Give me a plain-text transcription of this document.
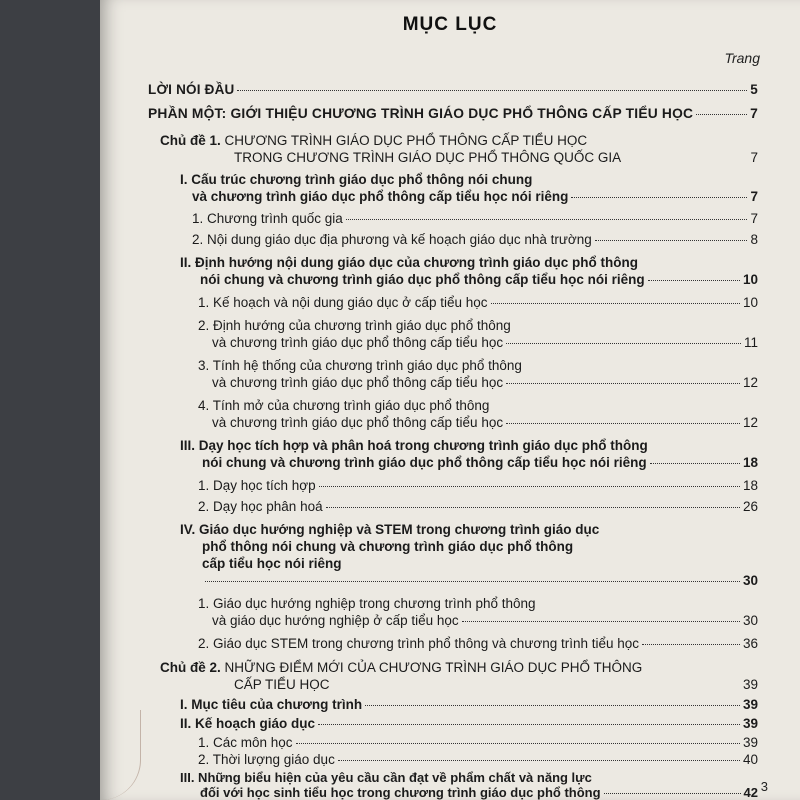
MỤC LỤC
Trang
LỜI NÓI ĐẦU	5
PHẦN MỘT: GIỚI THIỆU CHƯƠNG TRÌNH GIÁO DỤC PHỔ THÔNG CẤP TIỂU HỌC	7
Chủ đề 1. CHƯƠNG TRÌNH GIÁO DỤC PHỔ THÔNG CẤP TIỂU HỌC
TRONG CHƯƠNG TRÌNH GIÁO DỤC PHỔ THÔNG QUỐC GIA	7
I. Cấu trúc chương trình giáo dục phổ thông nói chung
và chương trình giáo dục phổ thông cấp tiểu học nói riêng	7
1. Chương trình quốc gia	7
2. Nội dung giáo dục địa phương và kế hoạch giáo dục nhà trường	8
II. Định hướng nội dung giáo dục của chương trình giáo dục phổ thông
nói chung và chương trình giáo dục phổ thông cấp tiểu học nói riêng	10
1. Kế hoạch và nội dung giáo dục ở cấp tiểu học	10
2. Định hướng của chương trình giáo dục phổ thông
và chương trình giáo dục phổ thông cấp tiểu học	11
3. Tính hệ thống của chương trình giáo dục phổ thông
và chương trình giáo dục phổ thông cấp tiểu học	12
4. Tính mở của chương trình giáo dục phổ thông
và chương trình giáo dục phổ thông cấp tiểu học	12
III. Dạy học tích hợp và phân hoá trong chương trình giáo dục phổ thông
nói chung và chương trình giáo dục phổ thông cấp tiểu học nói riêng	18
1. Dạy học tích hợp	18
2. Dạy học phân hoá	26
IV. Giáo dục hướng nghiệp và STEM trong chương trình giáo dục
phổ thông nói chung và chương trình giáo dục phổ thông
cấp tiểu học nói riêng
30
1. Giáo dục hướng nghiệp trong chương trình phổ thông
và giáo dục hướng nghiệp ở cấp tiểu học	30
2. Giáo dục STEM trong chương trình phổ thông và chương trình tiểu học	36
Chủ đề 2. NHỮNG ĐIỂM MỚI CỦA CHƯƠNG TRÌNH GIÁO DỤC PHỔ THÔNG
CẤP TIỂU HỌC	39
I. Mục tiêu của chương trình	39
II. Kế hoạch giáo dục	39
1. Các môn học	39
2. Thời lượng giáo dục	40
III. Những biểu hiện của yêu cầu cần đạt về phẩm chất và năng lực
đối với học sinh tiểu học trong chương trình giáo dục phổ thông	42 3
